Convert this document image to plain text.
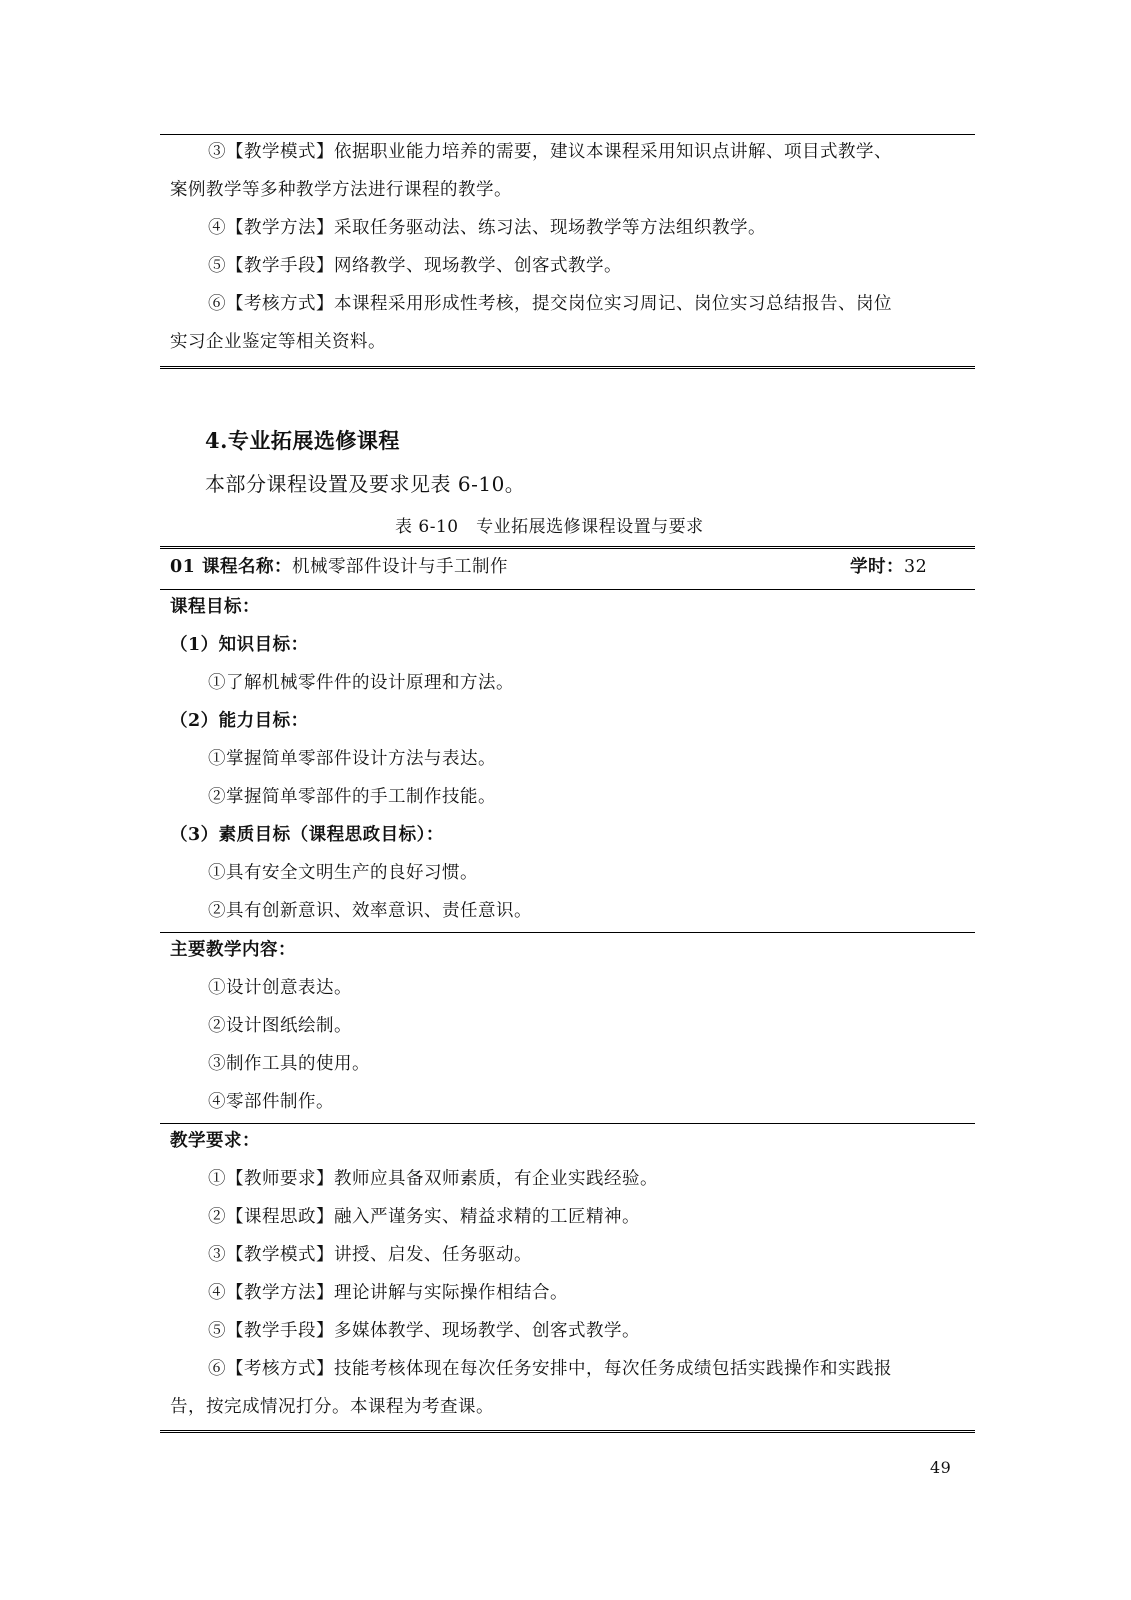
③【教学模式】依据职业能力培养的需要，建议本课程采用知识点讲解、项目式教学、
案例教学等多种教学方法进行课程的教学。
④【教学方法】采取任务驱动法、练习法、现场教学等方法组织教学。
⑤【教学手段】网络教学、现场教学、创客式教学。
⑥【考核方式】本课程采用形成性考核，提交岗位实习周记、岗位实习总结报告、岗位
实习企业鉴定等相关资料。
4.专业拓展选修课程
本部分课程设置及要求见表 6-10。
表 6-10　专业拓展选修课程设置与要求
01 课程名称：机械零部件设计与手工制作	学时：32
课程目标：
（1）知识目标：
①了解机械零件件的设计原理和方法。
（2）能力目标：
①掌握简单零部件设计方法与表达。
②掌握简单零部件的手工制作技能。
（3）素质目标（课程思政目标）：
①具有安全文明生产的良好习惯。
②具有创新意识、效率意识、责任意识。
主要教学内容：
①设计创意表达。
②设计图纸绘制。
③制作工具的使用。
④零部件制作。
教学要求：
①【教师要求】教师应具备双师素质，有企业实践经验。
②【课程思政】融入严谨务实、精益求精的工匠精神。
③【教学模式】讲授、启发、任务驱动。
④【教学方法】理论讲解与实际操作相结合。
⑤【教学手段】多媒体教学、现场教学、创客式教学。
⑥【考核方式】技能考核体现在每次任务安排中，每次任务成绩包括实践操作和实践报
告，按完成情况打分。本课程为考查课。
49
